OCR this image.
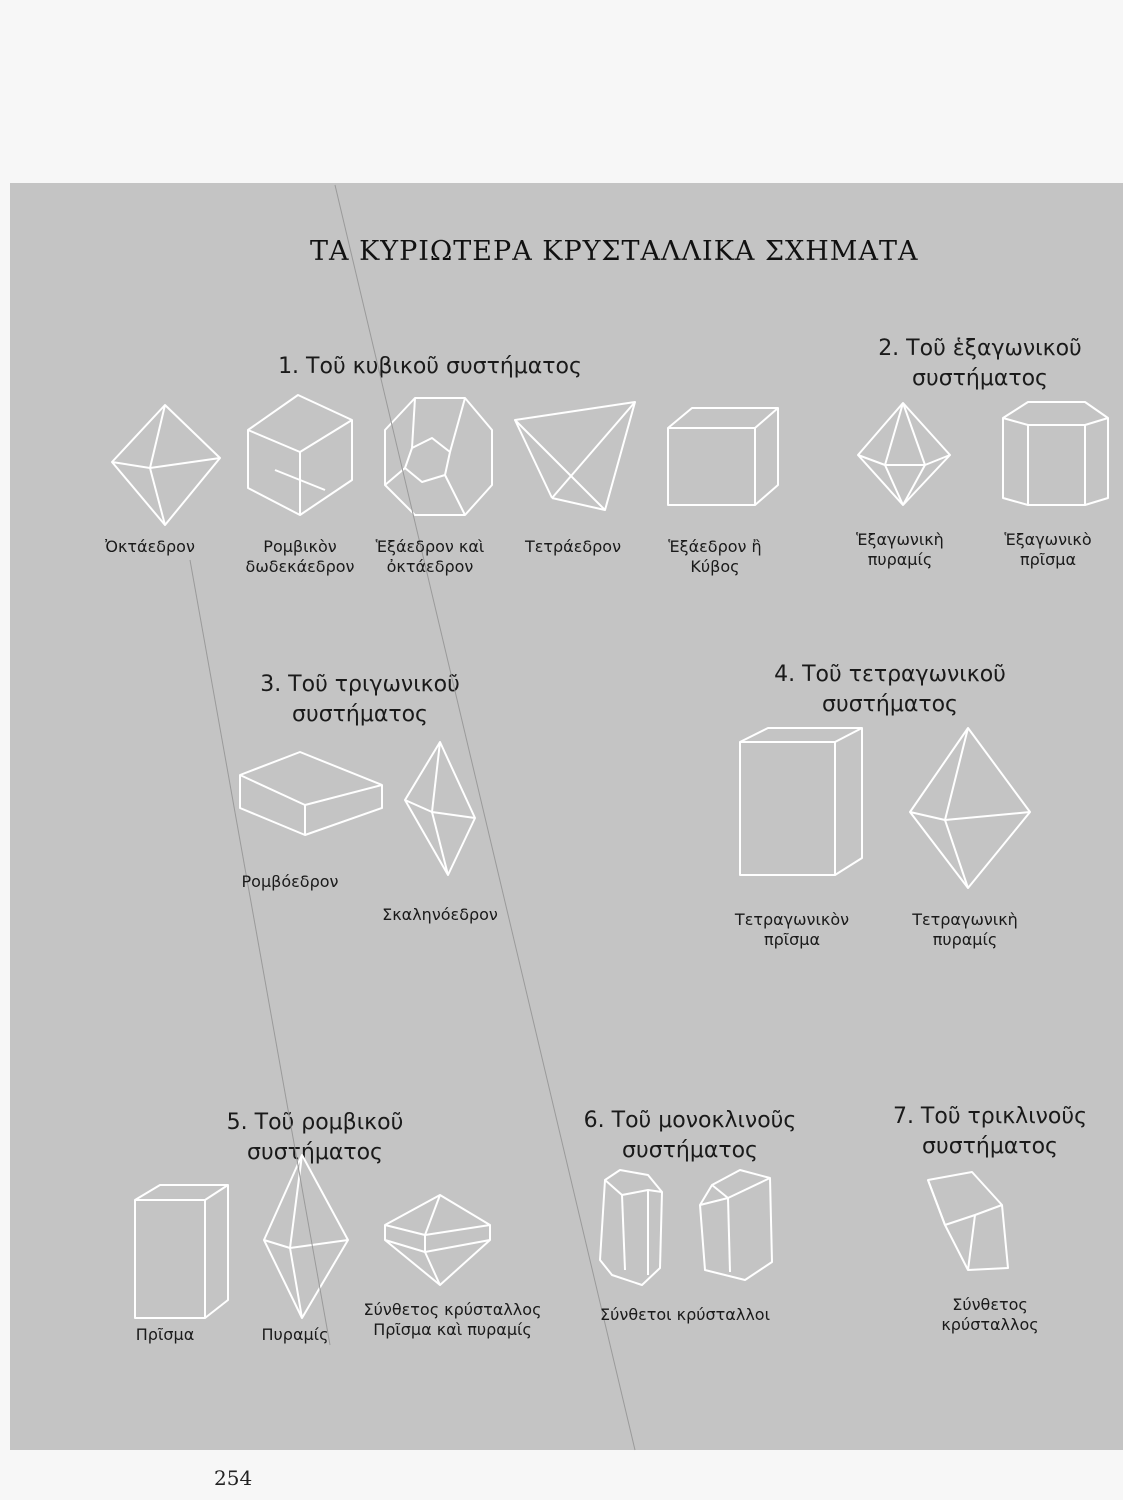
ΤΑ ΚΥΡΙΩΤΕΡΑ ΚΡΥΣΤΑΛΛΙΚΑ ΣΧΗΜΑΤΑ
1. Τοῦ κυβικοῦ συστήματος
2. Τοῦ ἑξαγωνικοῦ
συστήματος
3. Τοῦ τριγωνικοῦ
συστήματος
4. Τοῦ τετραγωνικοῦ
συστήματος
5. Τοῦ ρομβικοῦ
συστήματος
6. Τοῦ μονοκλινοῦς
συστήματος
7. Τοῦ τρικλινοῦς
συστήματος
Ὀκτάεδρον	Ρομβικὸν
δωδεκάεδρον
Ἑξάεδρον καὶ
ὀκτάεδρον
Τετράεδρον	Ἑξάεδρον ἢ
Κύβος
Ἑξαγωνικὴ
πυραμίς
Ἑξαγωνικὸ
πρῖσμα
Ρομβόεδρον
Σκαληνόεδρον	Τετραγωνικὸν
πρῖσμα
Τετραγωνικὴ
πυραμίς
Πρῖσμα	Πυραμίς
Σύνθετος κρύσταλλος
Πρῖσμα καὶ πυραμίς
Σύνθετοι κρύσταλλοι
Σύνθετος
κρύσταλλος
254
